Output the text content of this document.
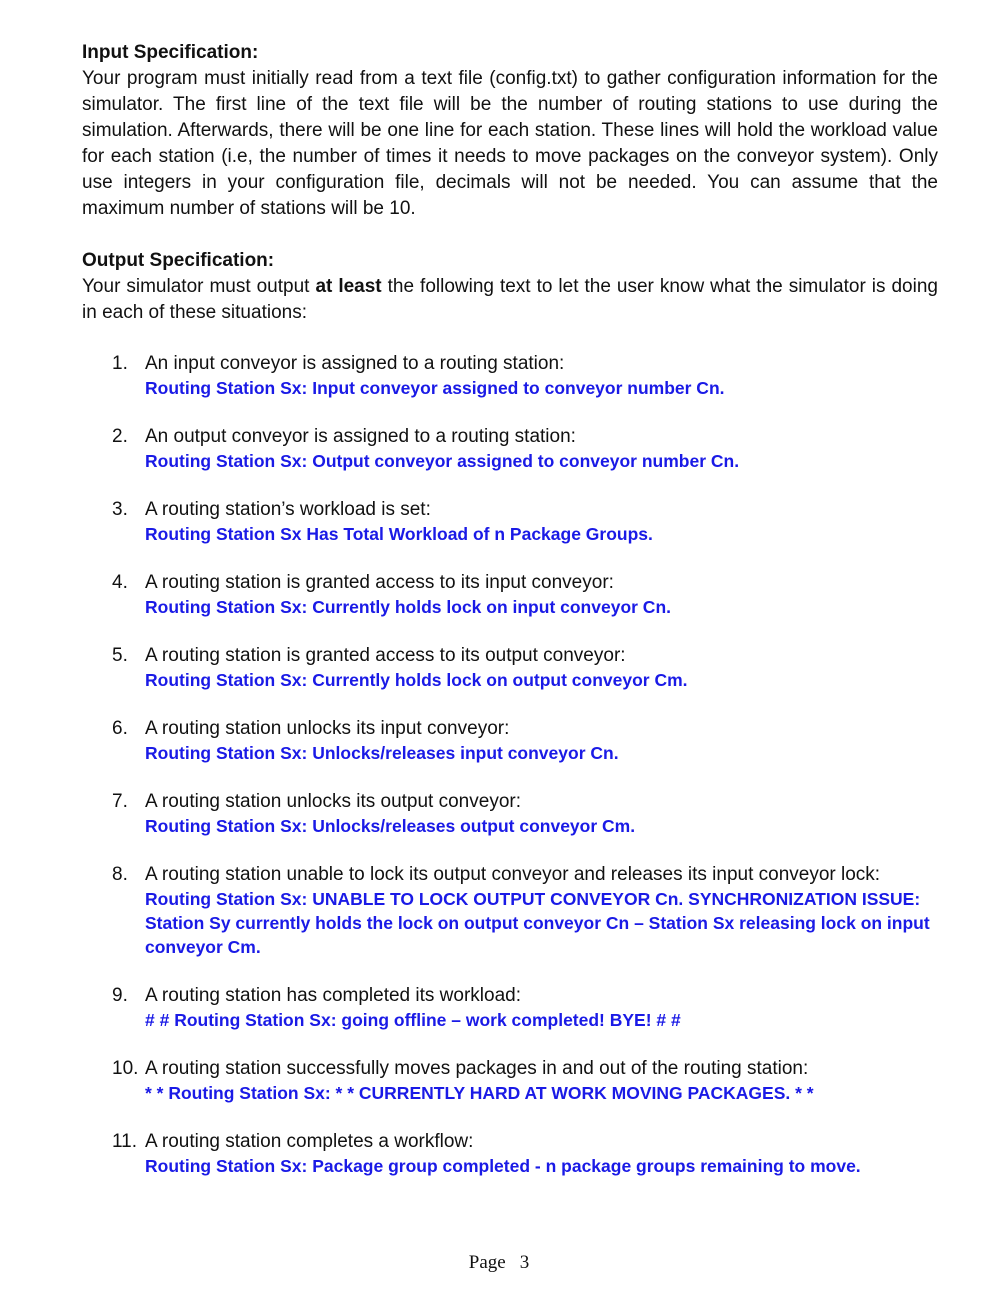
Input Specification:

Your program must initially read from a text file (config.txt) to gather configuration information for the simulator. The first line of the text file will be the number of routing stations to use during the simulation. Afterwards, there will be one line for each station. These lines will hold the workload value for each station (i.e, the number of times it needs to move packages on the conveyor system). Only use integers in your configuration file, decimals will not be needed. You can assume that the maximum number of stations will be 10.

Output Specification:

Your simulator must output at least the following text to let the user know what the simulator is doing in each of these situations:

1. An input conveyor is assigned to a routing station:
Routing Station Sx: Input conveyor assigned to conveyor number Cn.
2. An output conveyor is assigned to a routing station:
Routing Station Sx: Output conveyor assigned to conveyor number Cn.
3. A routing station’s workload is set:
Routing Station Sx Has Total Workload of n Package Groups.
4. A routing station is granted access to its input conveyor:
Routing Station Sx: Currently holds lock on input conveyor Cn.
5. A routing station is granted access to its output conveyor:
Routing Station Sx: Currently holds lock on output conveyor Cm.
6. A routing station unlocks its input conveyor:
Routing Station Sx: Unlocks/releases input conveyor Cn.
7. A routing station unlocks its output conveyor:
Routing Station Sx: Unlocks/releases output conveyor Cm.
8. A routing station unable to lock its output conveyor and releases its input conveyor lock:
Routing Station Sx: UNABLE TO LOCK OUTPUT CONVEYOR Cn. SYNCHRONIZATION ISSUE: Station Sy currently holds the lock on output conveyor Cn – Station Sx releasing lock on input conveyor Cm.
9. A routing station has completed its workload:
# # Routing Station Sx: going offline – work completed! BYE! # #
10. A routing station successfully moves packages in and out of the routing station:
* * Routing Station Sx: * * CURRENTLY HARD AT WORK MOVING PACKAGES. * *
11. A routing station completes a workflow:
Routing Station Sx: Package group completed - n package groups remaining to move.
Page 3
